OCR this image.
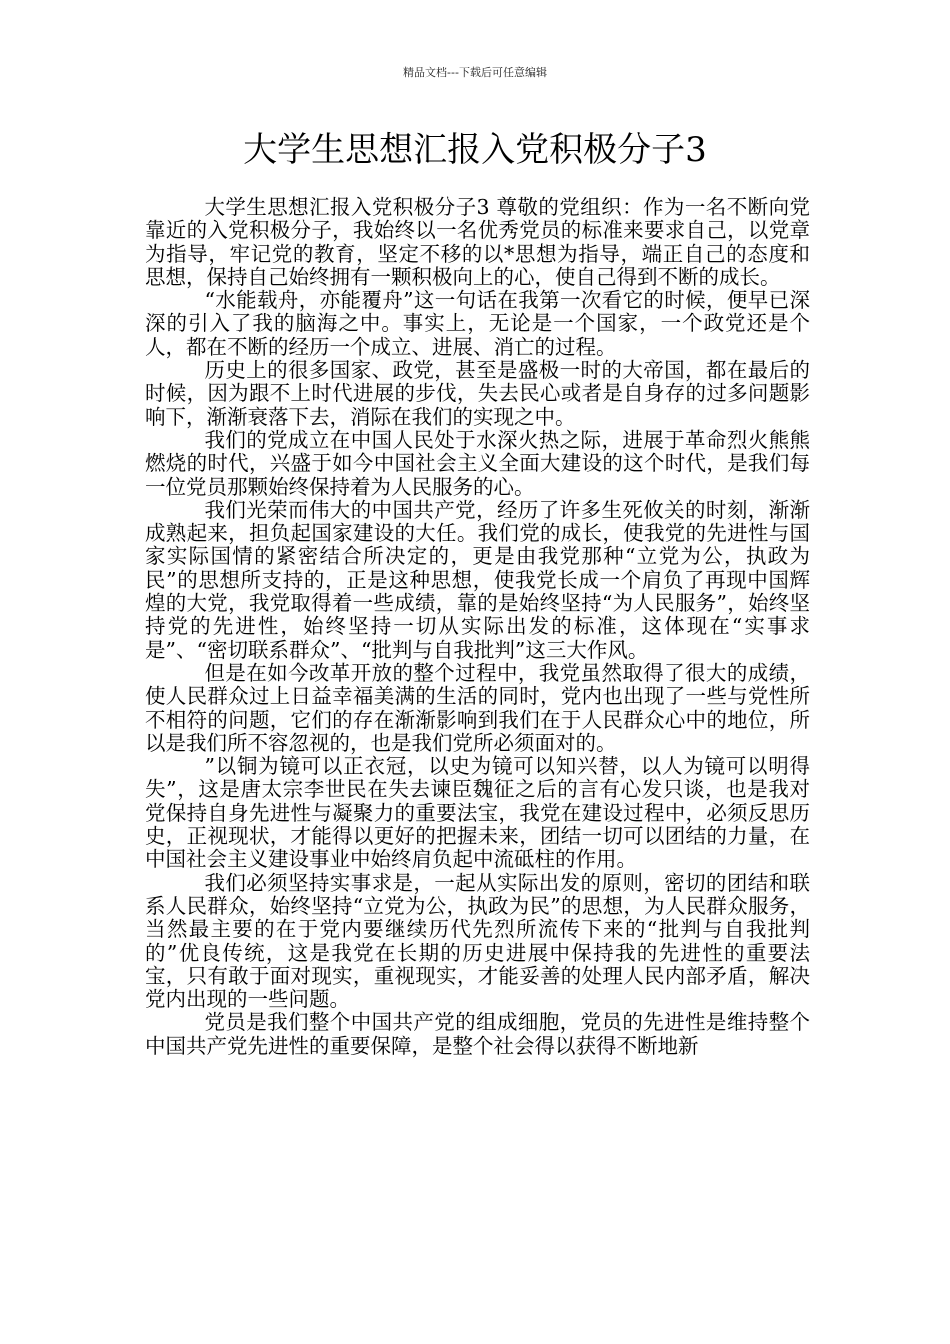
精品文档---下载后可任意编辑
大学生思想汇报入党积极分子3

大学生思想汇报入党积极分子3 尊敬的党组织：作为一名不断向党靠近的入党积极分子，我始终以一名优秀党员的标准来要求自己，以党章为指导，牢记党的教育，坚定不移的以*思想为指导，端正自己的态度和思想，保持自己始终拥有一颗积极向上的心，使自己得到不断的成长。

“水能载舟，亦能覆舟”这一句话在我第一次看它的时候，便早已深深的引入了我的脑海之中。事实上，无论是一个国家，一个政党还是个人，都在不断的经历一个成立、进展、消亡的过程。

历史上的很多国家、政党，甚至是盛极一时的大帝国，都在最后的时候，因为跟不上时代进展的步伐，失去民心或者是自身存的过多问题影响下，渐渐衰落下去，消际在我们的实现之中。

我们的党成立在中国人民处于水深火热之际，进展于革命烈火熊熊燃烧的时代，兴盛于如今中国社会主义全面大建设的这个时代，是我们每一位党员那颗始终保持着为人民服务的心。

我们光荣而伟大的中国共产党，经历了许多生死攸关的时刻，渐渐成熟起来，担负起国家建设的大任。我们党的成长，使我党的先进性与国家实际国情的紧密结合所决定的，更是由我党那种“立党为公，执政为民”的思想所支持的，正是这种思想，使我党长成一个肩负了再现中国辉煌的大党，我党取得着一些成绩，靠的是始终坚持“为人民服务”，始终坚持党的先进性，始终坚持一切从实际出发的标准，这体现在“实事求是”、“密切联系群众”、“批判与自我批判”这三大作风。

但是在如今改革开放的整个过程中，我党虽然取得了很大的成绩，使人民群众过上日益幸福美满的生活的同时，党内也出现了一些与党性所不相符的问题，它们的存在渐渐影响到我们在于人民群众心中的地位，所以是我们所不容忽视的，也是我们党所必须面对的。

”以铜为镜可以正衣冠，以史为镜可以知兴替，以人为镜可以明得失”，这是唐太宗李世民在失去谏臣魏征之后的言有心发只谈，也是我对党保持自身先进性与凝聚力的重要法宝，我党在建设过程中，必须反思历史，正视现状，才能得以更好的把握未来，团结一切可以团结的力量，在中国社会主义建设事业中始终肩负起中流砥柱的作用。

我们必须坚持实事求是，一起从实际出发的原则，密切的团结和联系人民群众，始终坚持“立党为公，执政为民”的思想，为人民群众服务，当然最主要的在于党内要继续历代先烈所流传下来的“批判与自我批判的”优良传统，这是我党在长期的历史进展中保持我的先进性的重要法宝，只有敢于面对现实，重视现实，才能妥善的处理人民内部矛盾，解决党内出现的一些问题。

党员是我们整个中国共产党的组成细胞，党员的先进性是维持整个中国共产党先进性的重要保障，是整个社会得以获得不断地新
